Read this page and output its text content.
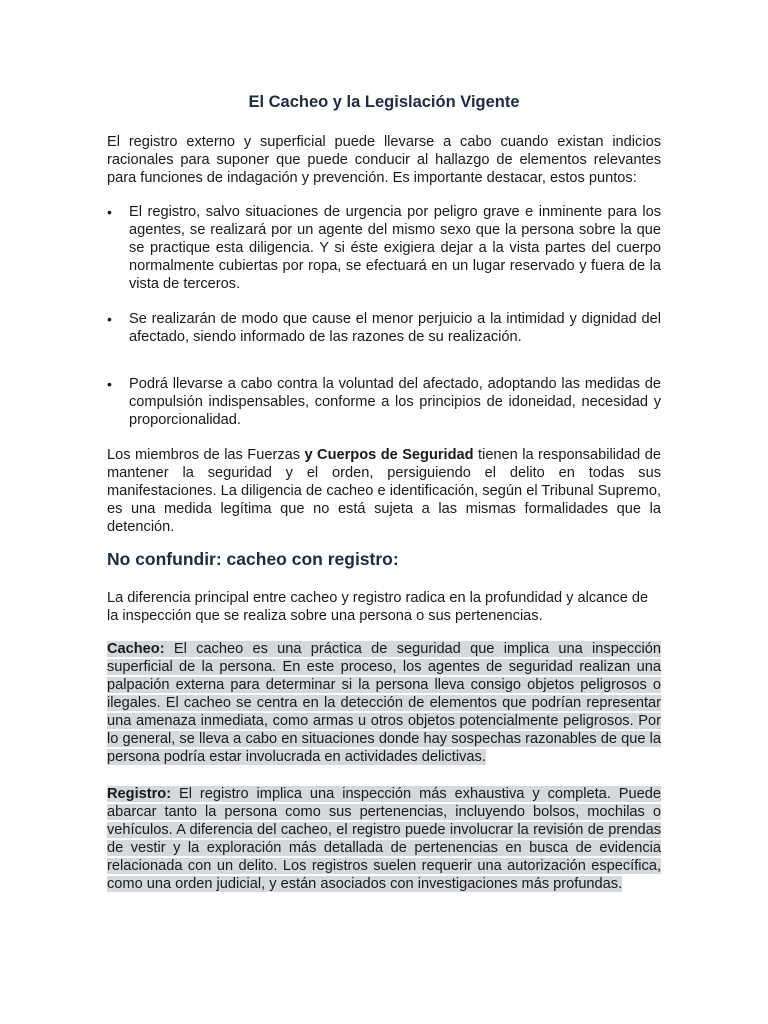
El Cacheo y la Legislación Vigente

El registro externo y superficial puede llevarse a cabo cuando existan indicios racionales para suponer que puede conducir al hallazgo de elementos relevantes para funciones de indagación y prevención. Es importante destacar, estos puntos:

•	El registro, salvo situaciones de urgencia por peligro grave e inminente para los agentes, se realizará por un agente del mismo sexo que la persona sobre la que se practique esta diligencia. Y si éste exigiera dejar a la vista partes del cuerpo normalmente cubiertas por ropa, se efectuará en un lugar reservado y fuera de la vista de terceros.
•	Se realizarán de modo que cause el menor perjuicio a la intimidad y dignidad del afectado, siendo informado de las razones de su realización.
•	Podrá llevarse a cabo contra la voluntad del afectado, adoptando las medidas de compulsión indispensables, conforme a los principios de idoneidad, necesidad y proporcionalidad.

Los miembros de las Fuerzas y Cuerpos de Seguridad tienen la responsabilidad de mantener la seguridad y el orden, persiguiendo el delito en todas sus manifestaciones. La diligencia de cacheo e identificación, según el Tribunal Supremo, es una medida legítima que no está sujeta a las mismas formalidades que la detención.

No confundir: cacheo con registro:

La diferencia principal entre cacheo y registro radica en la profundidad y alcance de la inspección que se realiza sobre una persona o sus pertenencias.

Cacheo: El cacheo es una práctica de seguridad que implica una inspección superficial de la persona. En este proceso, los agentes de seguridad realizan una palpación externa para determinar si la persona lleva consigo objetos peligrosos o ilegales. El cacheo se centra en la detección de elementos que podrían representar una amenaza inmediata, como armas u otros objetos potencialmente peligrosos. Por lo general, se lleva a cabo en situaciones donde hay sospechas razonables de que la persona podría estar involucrada en actividades delictivas.

Registro: El registro implica una inspección más exhaustiva y completa. Puede abarcar tanto la persona como sus pertenencias, incluyendo bolsos, mochilas o vehículos. A diferencia del cacheo, el registro puede involucrar la revisión de prendas de vestir y la exploración más detallada de pertenencias en busca de evidencia relacionada con un delito. Los registros suelen requerir una autorización específica, como una orden judicial, y están asociados con investigaciones más profundas.
